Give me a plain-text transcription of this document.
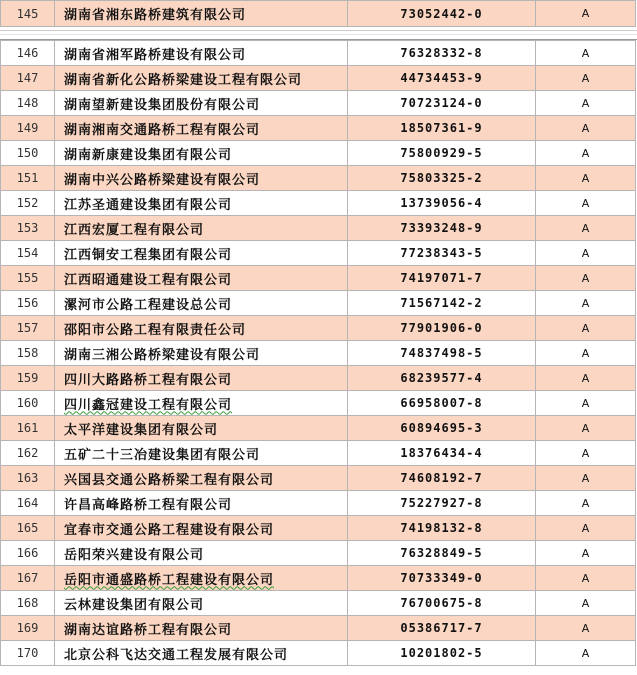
145	湖南省湘东路桥建筑有限公司	73052442-0	A
146	湖南省湘军路桥建设有限公司	76328332-8	A
147	湖南省新化公路桥梁建设工程有限公司	44734453-9	A
148	湖南望新建设集团股份有限公司	70723124-0	A
149	湖南湘南交通路桥工程有限公司	18507361-9	A
150	湖南新康建设集团有限公司	75800929-5	A
151	湖南中兴公路桥梁建设有限公司	75803325-2	A
152	江苏圣通建设集团有限公司	13739056-4	A
153	江西宏厦工程有限公司	73393248-9	A
154	江西铜安工程集团有限公司	77238343-5	A
155	江西昭通建设工程有限公司	74197071-7	A
156	漯河市公路工程建设总公司	71567142-2	A
157	邵阳市公路工程有限责任公司	77901906-0	A
158	湖南三湘公路桥梁建设有限公司	74837498-5	A
159	四川大路路桥工程有限公司	68239577-4	A
160	四川鑫冠建设工程有限公司	66958007-8	A
161	太平洋建设集团有限公司	60894695-3	A
162	五矿二十三冶建设集团有限公司	18376434-4	A
163	兴国县交通公路桥梁工程有限公司	74608192-7	A
164	许昌高峰路桥工程有限公司	75227927-8	A
165	宜春市交通公路工程建设有限公司	74198132-8	A
166	岳阳荣兴建设有限公司	76328849-5	A
167	岳阳市通盛路桥工程建设有限公司	70733349-0	A
168	云林建设集团有限公司	76700675-8	A
169	湖南达谊路桥工程有限公司	05386717-7	A
170	北京公科飞达交通工程发展有限公司	10201802-5	A
